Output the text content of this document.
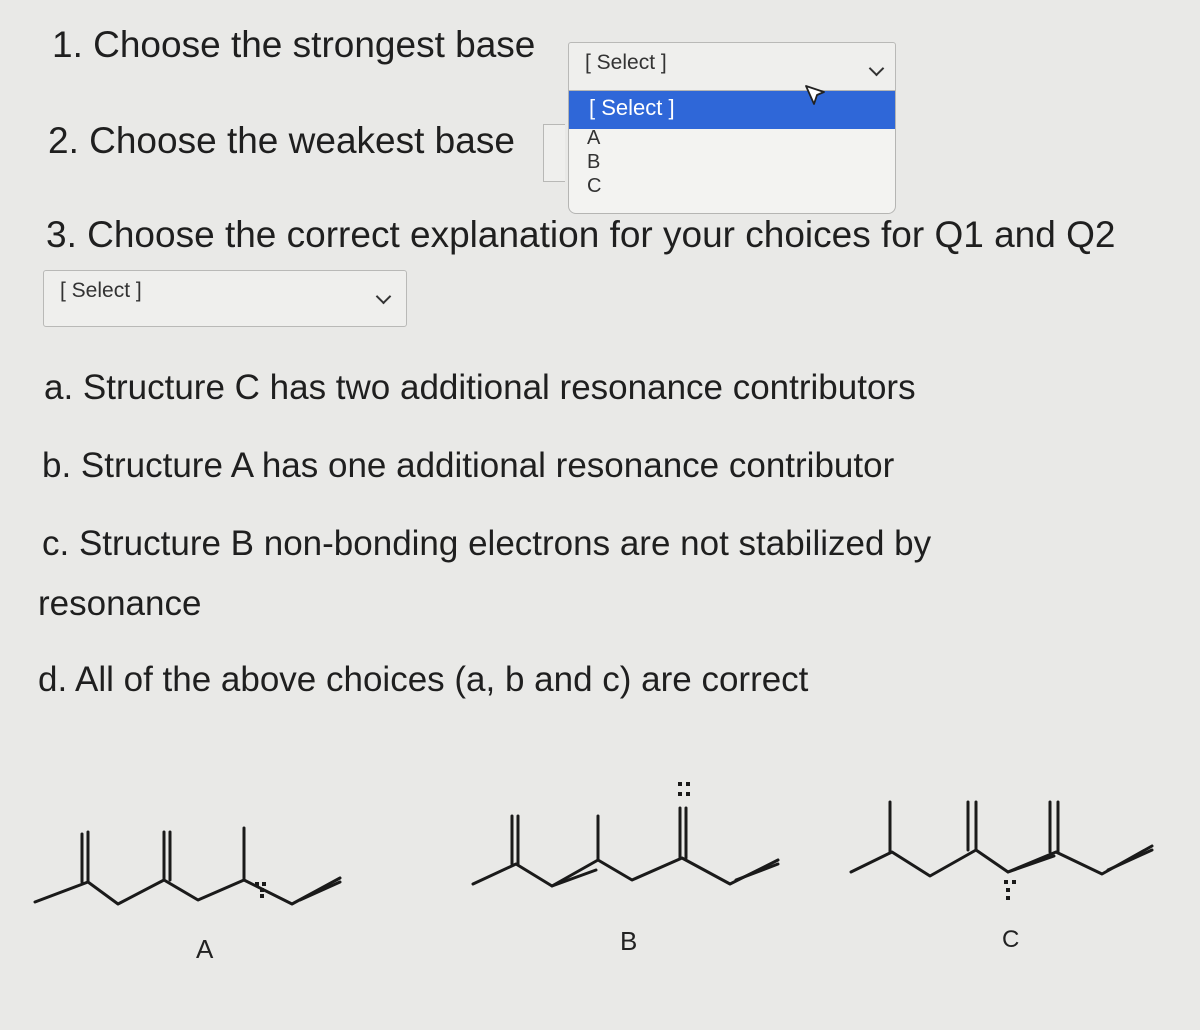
1. Choose the strongest base [ Select ]
[ Select ]
A
B
C
2. Choose the weakest base
3. Choose the correct explanation for your choices for Q1 and Q2
[ Select ]
a. Structure C has two additional resonance contributors
b. Structure A has one additional resonance contributor
c. Structure B non-bonding electrons are not stabilized by
resonance
d. All of the above choices (a, b and c) are correct
A	B	C
